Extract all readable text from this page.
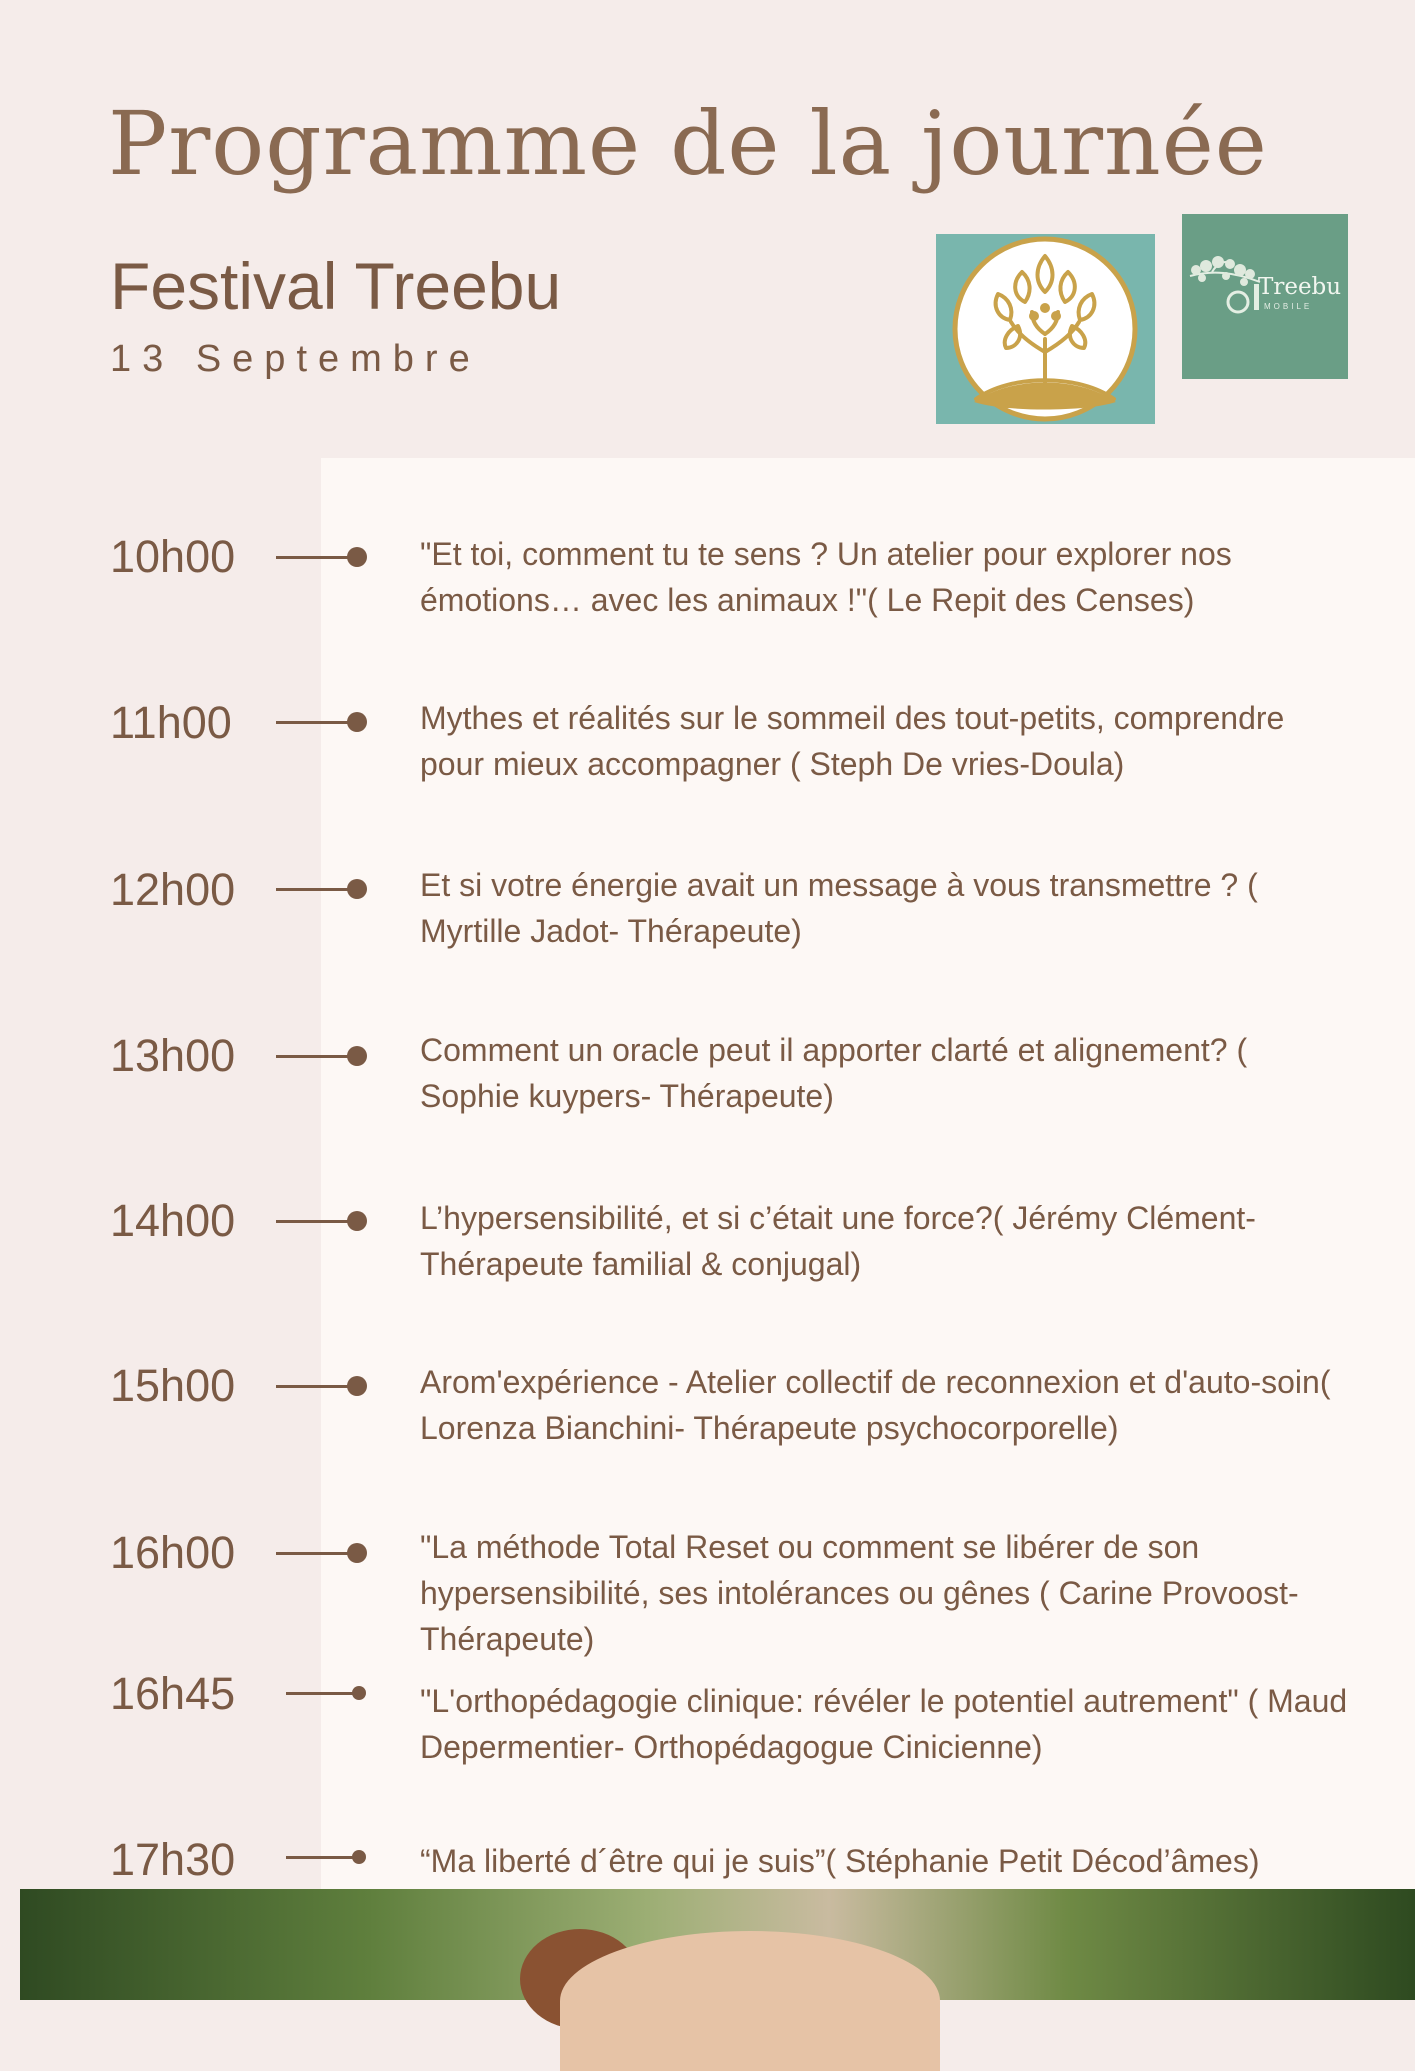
Programme de la journée
Festival Treebu
13 Septembre
Treebu
MOBILE
10h00	"Et toi, comment tu te sens ? Un atelier pour explorer nos émotions… avec les animaux !"( Le Repit des Censes)
11h00	Mythes et réalités sur le sommeil des tout-petits, comprendre pour mieux accompagner ( Steph De vries-Doula)
12h00	Et si votre énergie avait un message à vous transmettre ? ( Myrtille Jadot- Thérapeute)
13h00	Comment un oracle peut il apporter clarté et alignement? ( Sophie kuypers- Thérapeute)
14h00	L’hypersensibilité, et si c’était une force?( Jérémy Clément- Thérapeute familial & conjugal)
15h00	Arom'expérience - Atelier collectif de reconnexion et d'auto-soin( Lorenza Bianchini- Thérapeute psychocorporelle)
16h00	"La méthode Total Reset ou comment se libérer de son hypersensibilité, ses intolérances ou gênes ( Carine Provoost- Thérapeute)
16h45	"L'orthopédagogie clinique: révéler le potentiel autrement" ( Maud Depermentier- Orthopédagogue Cinicienne)
17h30	“Ma liberté d´être qui je suis”( Stéphanie Petit Décod’âmes)
